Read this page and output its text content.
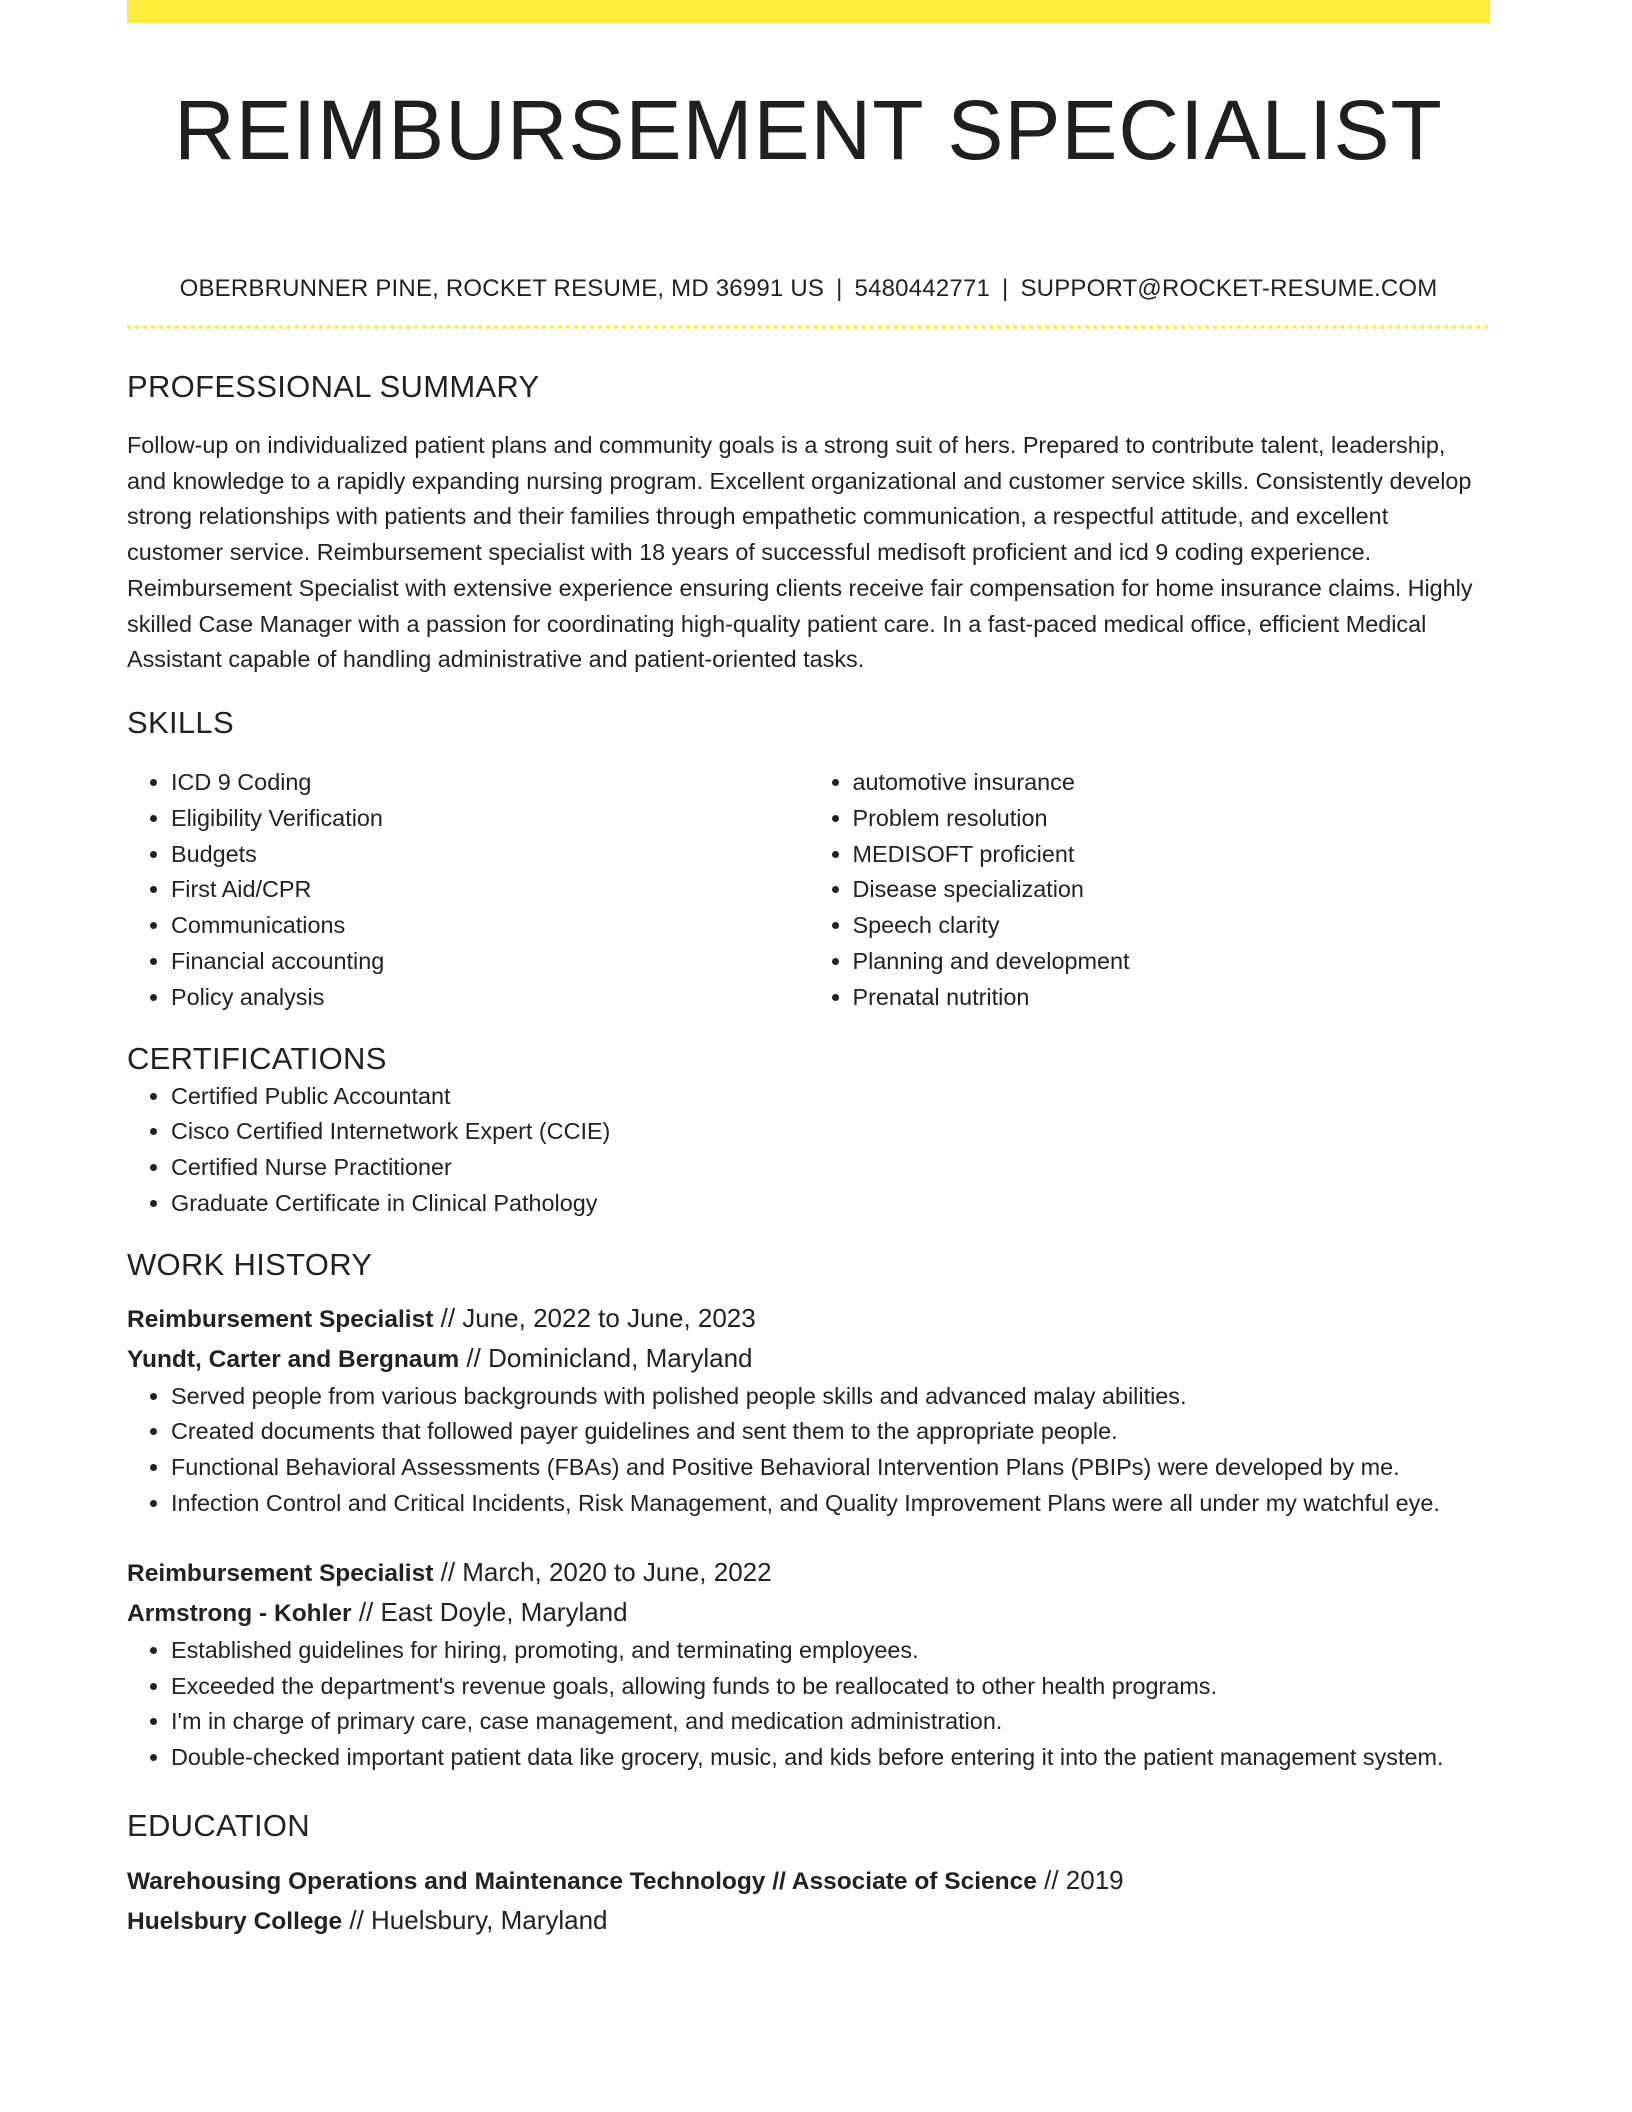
REIMBURSEMENT SPECIALIST
OBERBRUNNER PINE, ROCKET RESUME, MD 36991 US | 5480442771 | SUPPORT@ROCKET-RESUME.COM
PROFESSIONAL SUMMARY
Follow-up on individualized patient plans and community goals is a strong suit of hers. Prepared to contribute talent, leadership, and knowledge to a rapidly expanding nursing program. Excellent organizational and customer service skills. Consistently develop strong relationships with patients and their families through empathetic communication, a respectful attitude, and excellent customer service. Reimbursement specialist with 18 years of successful medisoft proficient and icd 9 coding experience. Reimbursement Specialist with extensive experience ensuring clients receive fair compensation for home insurance claims. Highly skilled Case Manager with a passion for coordinating high-quality patient care. In a fast-paced medical office, efficient Medical Assistant capable of handling administrative and patient-oriented tasks.
SKILLS
• ICD 9 Coding
• Eligibility Verification
• Budgets
• First Aid/CPR
• Communications
• Financial accounting
• Policy analysis
• automotive insurance
• Problem resolution
• MEDISOFT proficient
• Disease specialization
• Speech clarity
• Planning and development
• Prenatal nutrition
CERTIFICATIONS
• Certified Public Accountant
• Cisco Certified Internetwork Expert (CCIE)
• Certified Nurse Practitioner
• Graduate Certificate in Clinical Pathology
WORK HISTORY
Reimbursement Specialist // June, 2022 to June, 2023
Yundt, Carter and Bergnaum // Dominicland, Maryland
• Served people from various backgrounds with polished people skills and advanced malay abilities.
• Created documents that followed payer guidelines and sent them to the appropriate people.
• Functional Behavioral Assessments (FBAs) and Positive Behavioral Intervention Plans (PBIPs) were developed by me.
• Infection Control and Critical Incidents, Risk Management, and Quality Improvement Plans were all under my watchful eye.
Reimbursement Specialist // March, 2020 to June, 2022
Armstrong - Kohler // East Doyle, Maryland
• Established guidelines for hiring, promoting, and terminating employees.
• Exceeded the department's revenue goals, allowing funds to be reallocated to other health programs.
• I'm in charge of primary care, case management, and medication administration.
• Double-checked important patient data like grocery, music, and kids before entering it into the patient management system.
EDUCATION
Warehousing Operations and Maintenance Technology // Associate of Science // 2019
Huelsbury College // Huelsbury, Maryland
